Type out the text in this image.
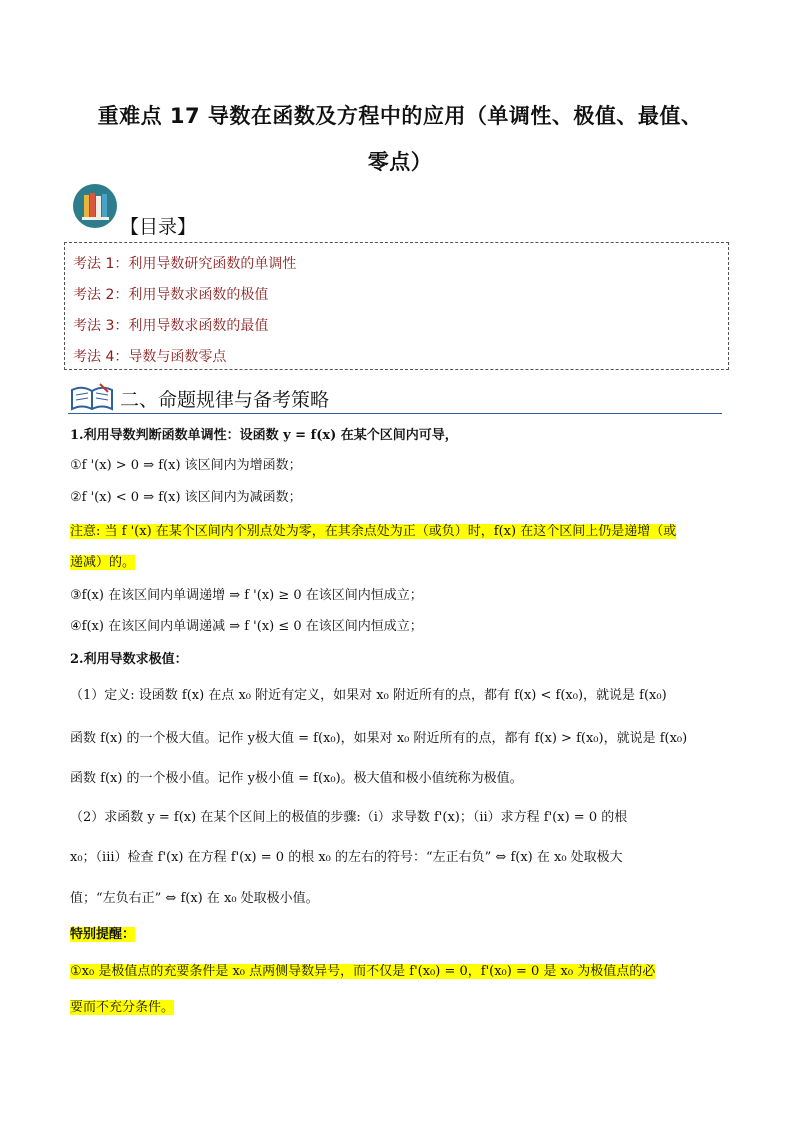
重难点 17 导数在函数及方程中的应用（单调性、极值、最值、
零点）
【目录】
考法 1：利用导数研究函数的单调性
考法 2：利用导数求函数的极值
考法 3：利用导数求函数的最值
考法 4：导数与函数零点
二、命题规律与备考策略
1.利用导数判断函数单调性：设函数 y = f(x) 在某个区间内可导，
①f '(x) > 0 ⇒ f(x) 该区间内为增函数；
②f '(x) < 0 ⇒ f(x) 该区间内为减函数；
注意: 当 f '(x) 在某个区间内个别点处为零，在其余点处为正（或负）时，f(x) 在这个区间上仍是递增（或
递减）的。
③f(x) 在该区间内单调递增 ⇒ f '(x) ≥ 0 在该区间内恒成立；
④f(x) 在该区间内单调递减 ⇒ f '(x) ≤ 0 在该区间内恒成立；
2.利用导数求极值：
（1）定义: 设函数 f(x) 在点 x₀ 附近有定义，如果对 x₀ 附近所有的点，都有 f(x) < f(x₀)，就说是 f(x₀)
函数 f(x) 的一个极大值。记作 y极大值 = f(x₀)，如果对 x₀ 附近所有的点，都有 f(x) > f(x₀)，就说是 f(x₀)
函数 f(x) 的一个极小值。记作 y极小值 = f(x₀)。极大值和极小值统称为极值。
（2）求函数 y = f(x) 在某个区间上的极值的步骤:（i）求导数 f'(x)；（ii）求方程 f'(x) = 0 的根
x₀；（iii）检查 f'(x) 在方程 f'(x) = 0 的根 x₀ 的左右的符号：“左正右负” ⇔ f(x) 在 x₀ 处取极大
值；“左负右正” ⇔ f(x) 在 x₀ 处取极小值。
特别提醒：
①x₀ 是极值点的充要条件是 x₀ 点两侧导数异号，而不仅是 f'(x₀) = 0，f'(x₀) = 0 是 x₀ 为极值点的必
要而不充分条件。
